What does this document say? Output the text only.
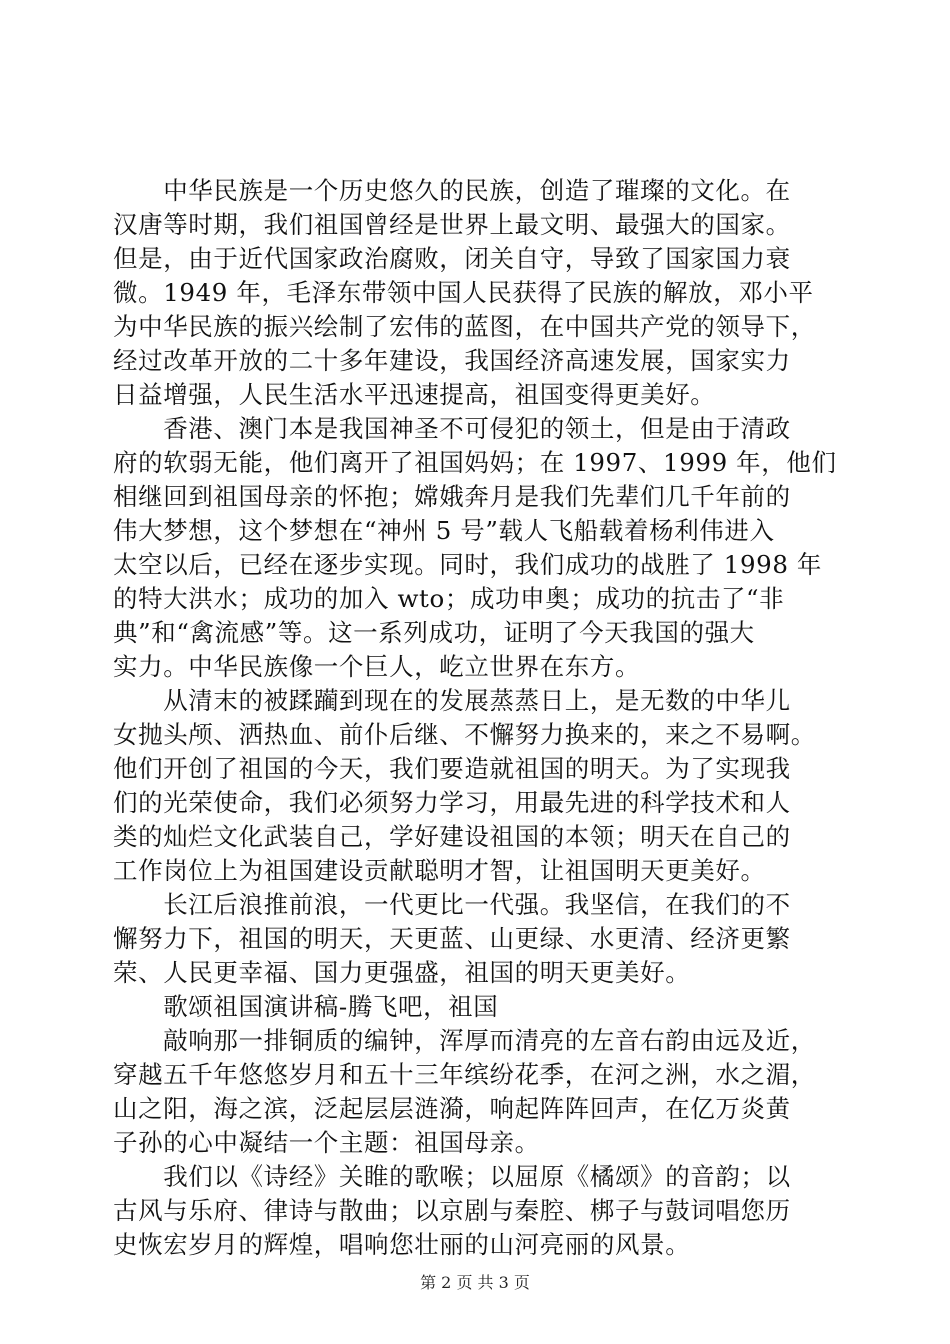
　　中华民族是一个历史悠久的民族，创造了璀璨的文化。在
汉唐等时期，我们祖国曾经是世界上最文明、最强大的国家。
但是，由于近代国家政治腐败，闭关自守，导致了国家国力衰
微。1949 年，毛泽东带领中国人民获得了民族的解放，邓小平
为中华民族的振兴绘制了宏伟的蓝图，在中国共产党的领导下，
经过改革开放的二十多年建设，我国经济高速发展，国家实力
日益增强，人民生活水平迅速提高，祖国变得更美好。
　　香港、澳门本是我国神圣不可侵犯的领土，但是由于清政
府的软弱无能，他们离开了祖国妈妈；在 1997、1999 年，他们
相继回到祖国母亲的怀抱；嫦娥奔月是我们先辈们几千年前的
伟大梦想，这个梦想在“神州 5 号”载人飞船载着杨利伟进入
太空以后，已经在逐步实现。同时，我们成功的战胜了 1998 年
的特大洪水；成功的加入 wto；成功申奥；成功的抗击了“非
典”和“禽流感”等。这一系列成功，证明了今天我国的强大
实力。中华民族像一个巨人，屹立世界在东方。
　　从清末的被蹂躏到现在的发展蒸蒸日上，是无数的中华儿
女抛头颅、洒热血、前仆后继、不懈努力换来的，来之不易啊。
他们开创了祖国的今天，我们要造就祖国的明天。为了实现我
们的光荣使命，我们必须努力学习，用最先进的科学技术和人
类的灿烂文化武装自己，学好建设祖国的本领；明天在自己的
工作岗位上为祖国建设贡献聪明才智，让祖国明天更美好。
　　长江后浪推前浪，一代更比一代强。我坚信，在我们的不
懈努力下，祖国的明天，天更蓝、山更绿、水更清、经济更繁
荣、人民更幸福、国力更强盛，祖国的明天更美好。
　　歌颂祖国演讲稿-腾飞吧，祖国
　　敲响那一排铜质的编钟，浑厚而清亮的左音右韵由远及近，
穿越五千年悠悠岁月和五十三年缤纷花季，在河之洲，水之湄，
山之阳，海之滨，泛起层层涟漪，响起阵阵回声，在亿万炎黄
子孙的心中凝结一个主题：祖国母亲。
　　我们以《诗经》关睢的歌喉；以屈原《橘颂》的音韵；以
古风与乐府、律诗与散曲；以京剧与秦腔、梆子与鼓词唱您历
史恢宏岁月的辉煌，唱响您壮丽的山河亮丽的风景。
第 2 页 共 3 页
